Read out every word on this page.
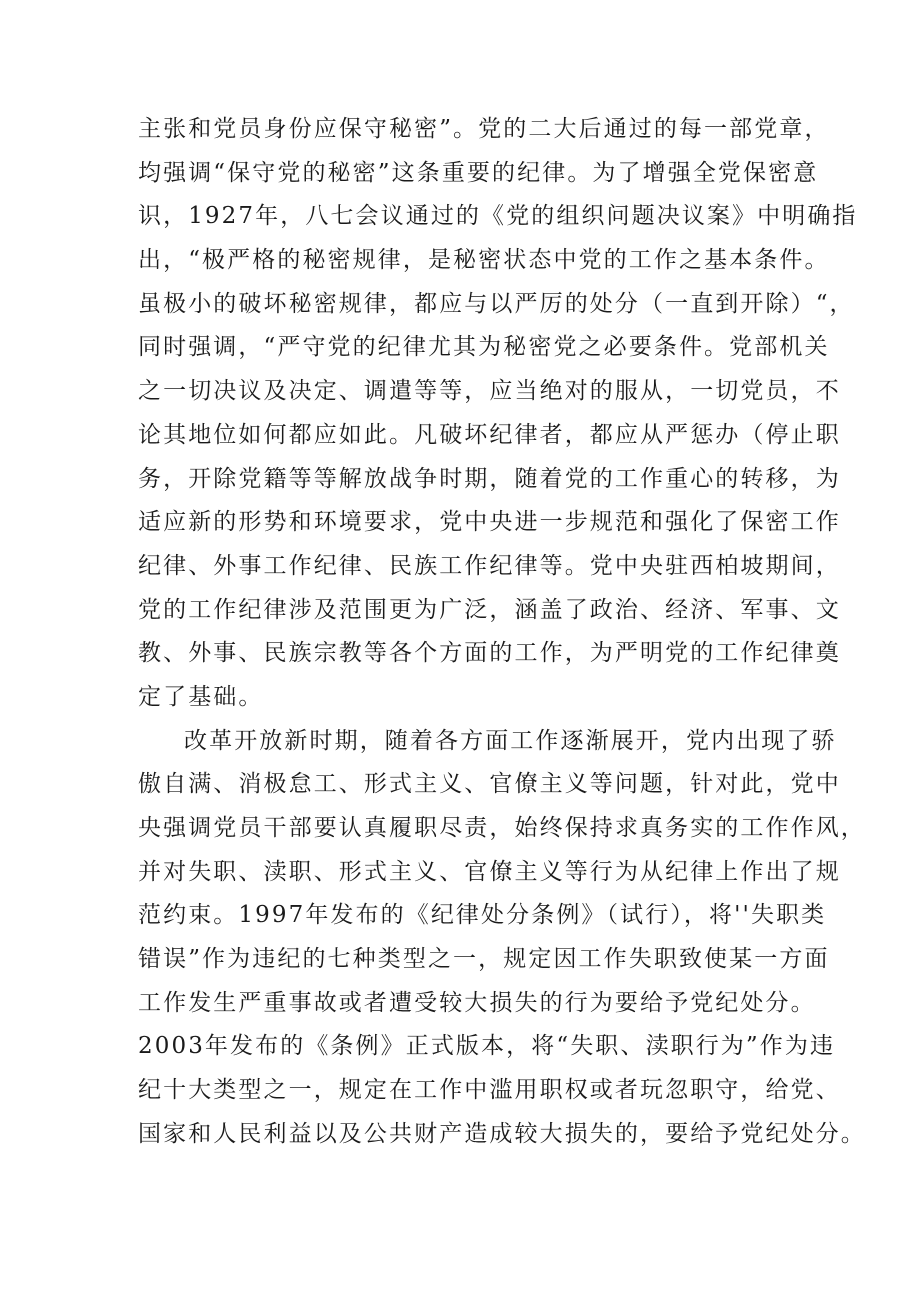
主张和党员身份应保守秘密”。党的二大后通过的每一部党章，
均强调“保守党的秘密”这条重要的纪律。为了增强全党保密意
识，1927年，八七会议通过的《党的组织问题决议案》中明确指
出，“极严格的秘密规律，是秘密状态中党的工作之基本条件。
虽极小的破坏秘密规律，都应与以严厉的处分（一直到开除）“，
同时强调，“严守党的纪律尤其为秘密党之必要条件。党部机关
之一切决议及决定、调遣等等，应当绝对的服从，一切党员，不
论其地位如何都应如此。凡破坏纪律者，都应从严惩办（停止职
务，开除党籍等等解放战争时期，随着党的工作重心的转移，为
适应新的形势和环境要求，党中央进一步规范和强化了保密工作
纪律、外事工作纪律、民族工作纪律等。党中央驻西柏坡期间，
党的工作纪律涉及范围更为广泛，涵盖了政治、经济、军事、文
教、外事、民族宗教等各个方面的工作，为严明党的工作纪律奠
定了基础。
改革开放新时期，随着各方面工作逐渐展开，党内出现了骄
傲自满、消极怠工、形式主义、官僚主义等问题，针对此，党中
央强调党员干部要认真履职尽责，始终保持求真务实的工作作风，
并对失职、渎职、形式主义、官僚主义等行为从纪律上作出了规
范约束。1997年发布的《纪律处分条例》（试行），将''失职类
错误”作为违纪的七种类型之一，规定因工作失职致使某一方面
工作发生严重事故或者遭受较大损失的行为要给予党纪处分。
2003年发布的《条例》正式版本，将“失职、渎职行为”作为违
纪十大类型之一，规定在工作中滥用职权或者玩忽职守，给党、
国家和人民利益以及公共财产造成较大损失的，要给予党纪处分。
